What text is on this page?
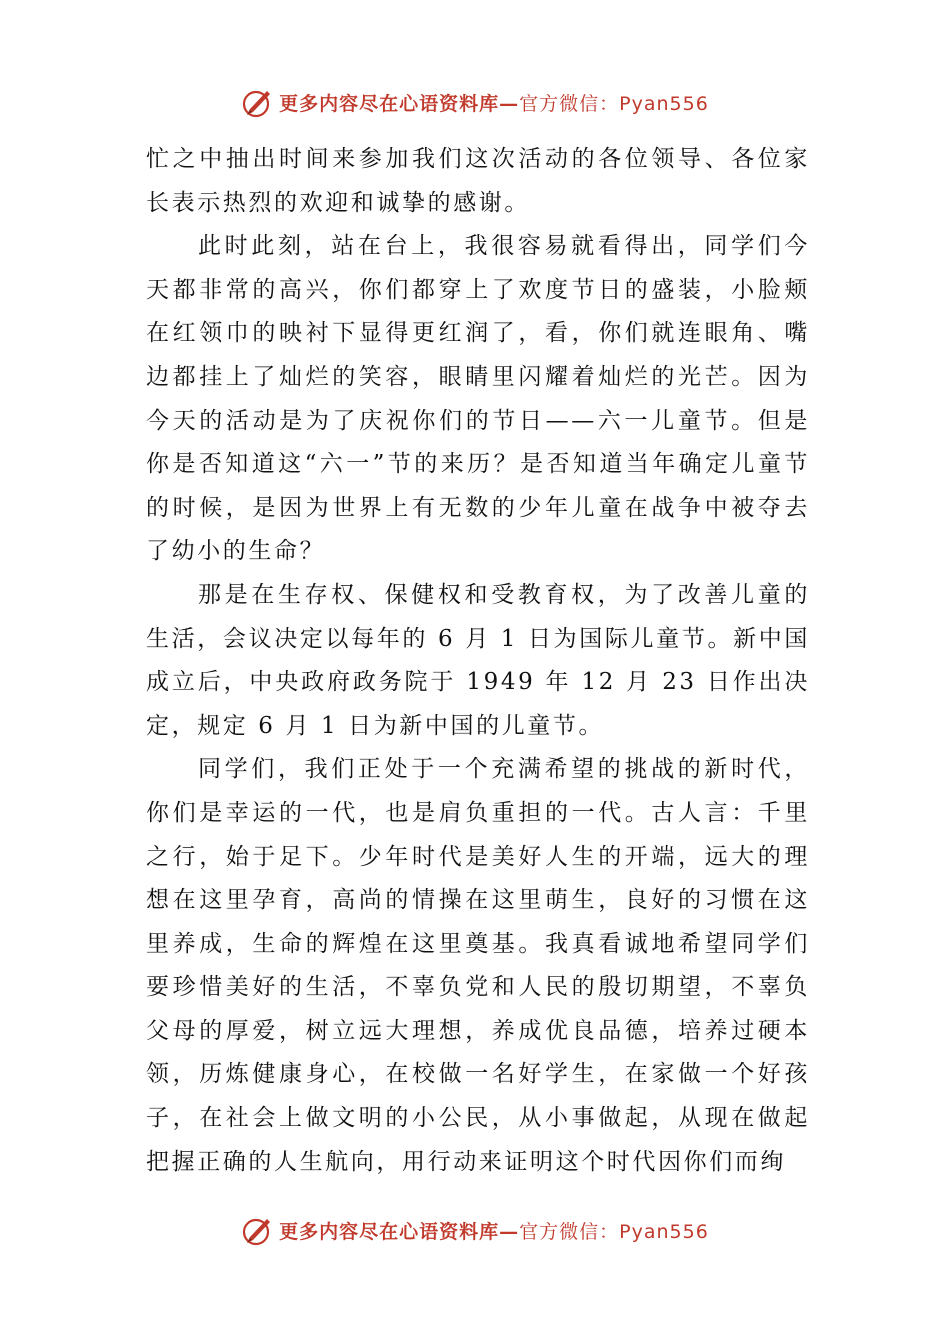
更多内容尽在心语资料库— 官方微信：Pyan556

忙之中抽出时间来参加我们这次活动的各位领导、各位家长表示热烈的欢迎和诚挚的感谢。

此时此刻，站在台上，我很容易就看得出，同学们今天都非常的高兴，你们都穿上了欢度节日的盛装，小脸颊在红领巾的映衬下显得更红润了，看，你们就连眼角、嘴边都挂上了灿烂的笑容，眼睛里闪耀着灿烂的光芒。因为今天的活动是为了庆祝你们的节日——六一儿童节。但是你是否知道这“六一”节的来历？是否知道当年确定儿童节的时候，是因为世界上有无数的少年儿童在战争中被夺去了幼小的生命？

那是在生存权、保健权和受教育权，为了改善儿童的生活，会议决定以每年的 6 月 1 日为国际儿童节。新中国成立后，中央政府政务院于 1949 年 12 月 23 日作出决定，规定 6 月 1 日为新中国的儿童节。

同学们，我们正处于一个充满希望的挑战的新时代，你们是幸运的一代，也是肩负重担的一代。古人言：千里之行，始于足下。少年时代是美好人生的开端，远大的理想在这里孕育，高尚的情操在这里萌生，良好的习惯在这里养成，生命的辉煌在这里奠基。我真看诚地希望同学们要珍惜美好的生活，不辜负党和人民的殷切期望，不辜负父母的厚爱，树立远大理想，养成优良品德，培养过硬本领，历炼健康身心，在校做一名好学生，在家做一个好孩子，在社会上做文明的小公民，从小事做起，从现在做起把握正确的人生航向，用行动来证明这个时代因你们而绚

更多内容尽在心语资料库— 官方微信：Pyan556
